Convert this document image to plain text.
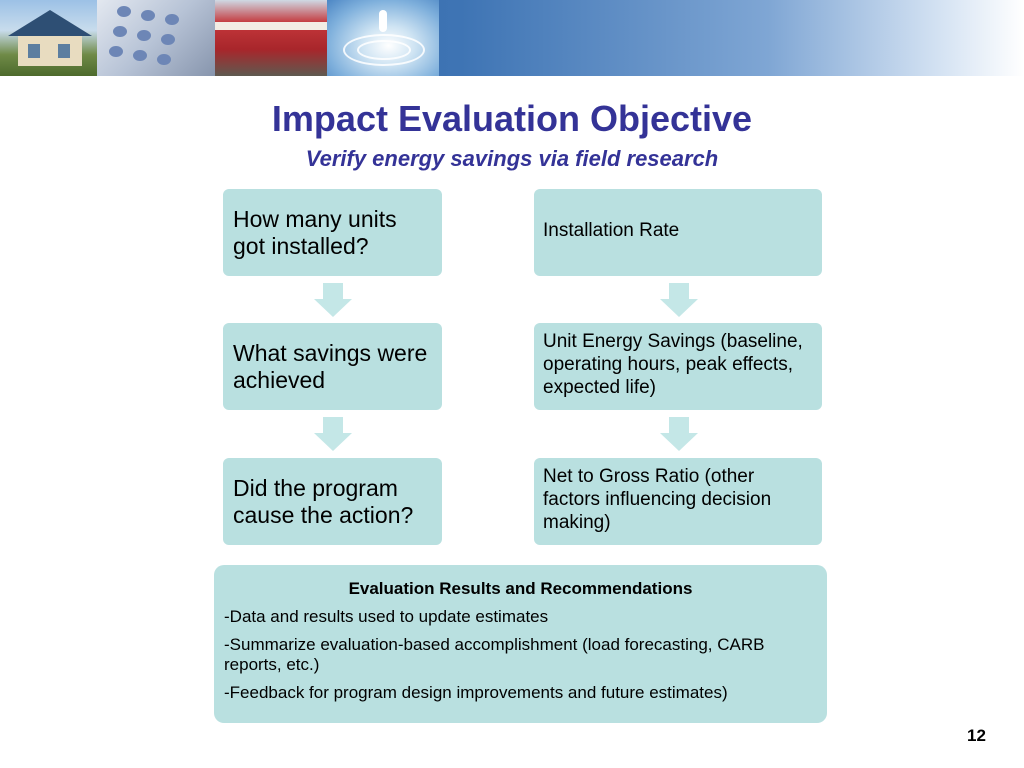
Impact Evaluation Objective
Verify energy savings via field research
How many units got installed?
What savings were achieved
Did the program cause the action?
Installation Rate
Unit Energy Savings (baseline, operating hours, peak effects, expected life)
Net to Gross Ratio (other factors influencing decision making)
Evaluation Results and Recommendations
-Data and results used to update estimates
-Summarize evaluation-based accomplishment (load forecasting, CARB reports, etc.)
-Feedback for program design improvements and future estimates)
12
